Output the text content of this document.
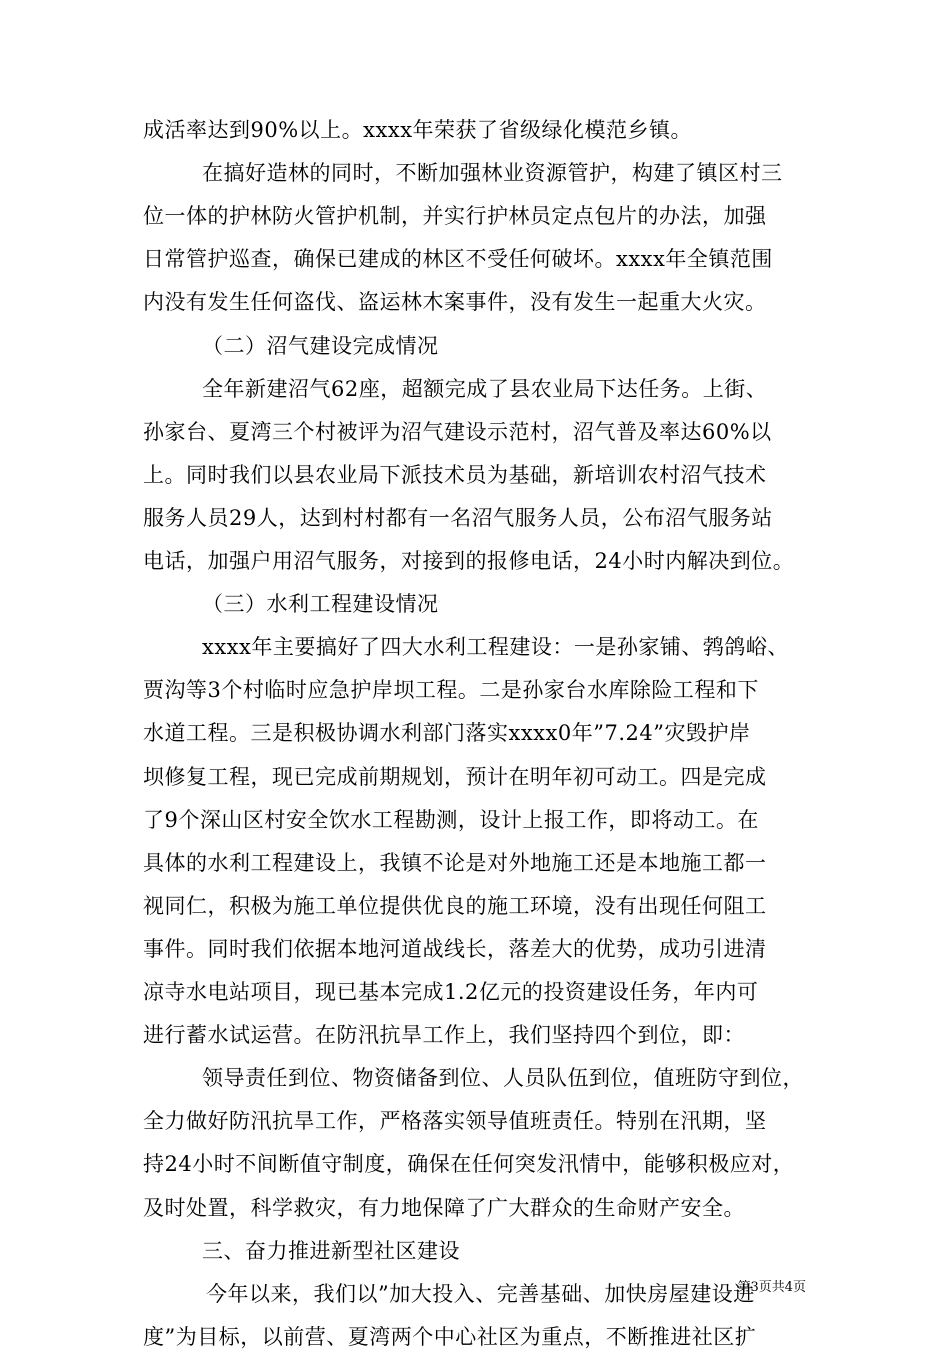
成活率达到90%以上。xxxx年荣获了省级绿化模范乡镇。
在搞好造林的同时，不断加强林业资源管护，构建了镇区村三
位一体的护林防火管护机制，并实行护林员定点包片的办法，加强
日常管护巡查，确保已建成的林区不受任何破坏。xxxx年全镇范围
内没有发生任何盗伐、盗运林木案事件，没有发生一起重大火灾。
（二）沼气建设完成情况
全年新建沼气62座，超额完成了县农业局下达任务。上街、
孙家台、夏湾三个村被评为沼气建设示范村，沼气普及率达60%以
上。同时我们以县农业局下派技术员为基础，新培训农村沼气技术
服务人员29人，达到村村都有一名沼气服务人员，公布沼气服务站
电话，加强户用沼气服务，对接到的报修电话，24小时内解决到位。
（三）水利工程建设情况
xxxx年主要搞好了四大水利工程建设：一是孙家铺、鹁鸽峪、
贾沟等3个村临时应急护岸坝工程。二是孙家台水库除险工程和下
水道工程。三是积极协调水利部门落实xxxx0年”7.24”灾毁护岸
坝修复工程，现已完成前期规划，预计在明年初可动工。四是完成
了9个深山区村安全饮水工程勘测，设计上报工作，即将动工。在
具体的水利工程建设上，我镇不论是对外地施工还是本地施工都一
视同仁，积极为施工单位提供优良的施工环境，没有出现任何阻工
事件。同时我们依据本地河道战线长，落差大的优势，成功引进清
凉寺水电站项目，现已基本完成1.2亿元的投资建设任务，年内可
进行蓄水试运营。在防汛抗旱工作上，我们坚持四个到位，即：
领导责任到位、物资储备到位、人员队伍到位，值班防守到位，
全力做好防汛抗旱工作，严格落实领导值班责任。特别在汛期，坚
持24小时不间断值守制度，确保在任何突发汛情中，能够积极应对，
及时处置，科学救灾，有力地保障了广大群众的生命财产安全。
三、奋力推进新型社区建设
今年以来，我们以”加大投入、完善基础、加快房屋建设进
度”为目标，以前营、夏湾两个中心社区为重点，不断推进社区扩
第3页共4页
